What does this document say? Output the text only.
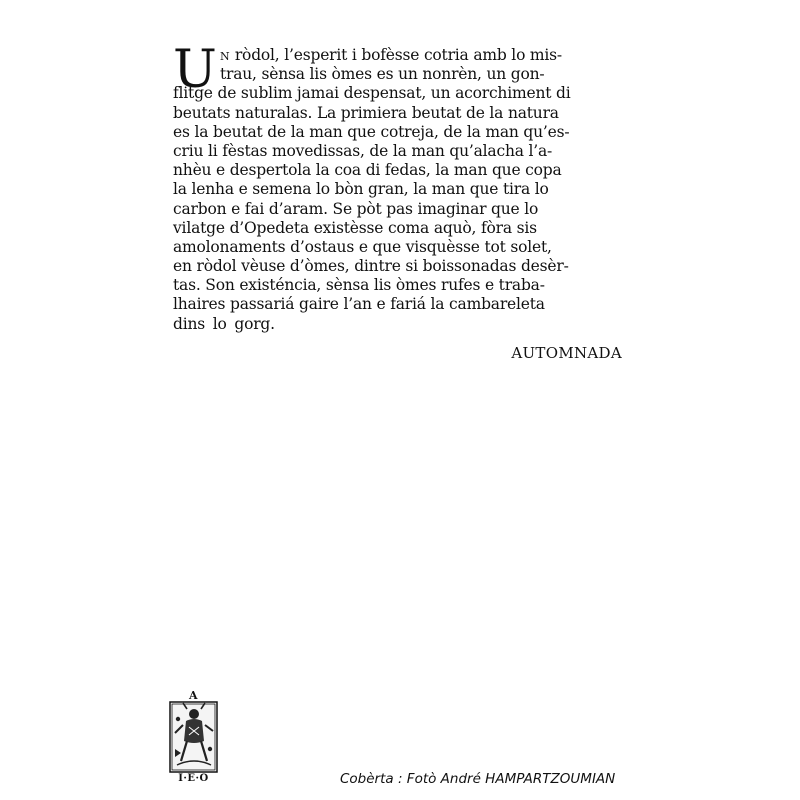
U N ròdol, l’esperit i bofèsse cotria amb lo mis-
trau, sènsa lis òmes es un nonrèn, un gon-
flitge de sublim jamai despensat, un acorchiment di
beutats naturalas. La primiera beutat de la natura
es la beutat de la man que cotreja, de la man qu’es-
criu li fèstas movedissas, de la man qu’alacha l’a-
nhèu e despertola la coa di fedas, la man que copa
la lenha e semena lo bòn gran, la man que tira lo
carbon e fai d’aram. Se pòt pas imaginar que lo
vilatge d’Opedeta existèsse coma aquò, fòra sis
amolonaments d’ostaus e que visquèsse tot solet,
en ròdol vèuse d’òmes, dintre si boissonadas desèr-
tas. Son existéncia, sènsa lis òmes rufes e traba-
lhaires passariá gaire l’an e fariá la cambareleta
dins lo gorg.
AUTOMNADA
A
I·E·O	Cobèrta : Fotò André HAMPARTZOUMIAN
